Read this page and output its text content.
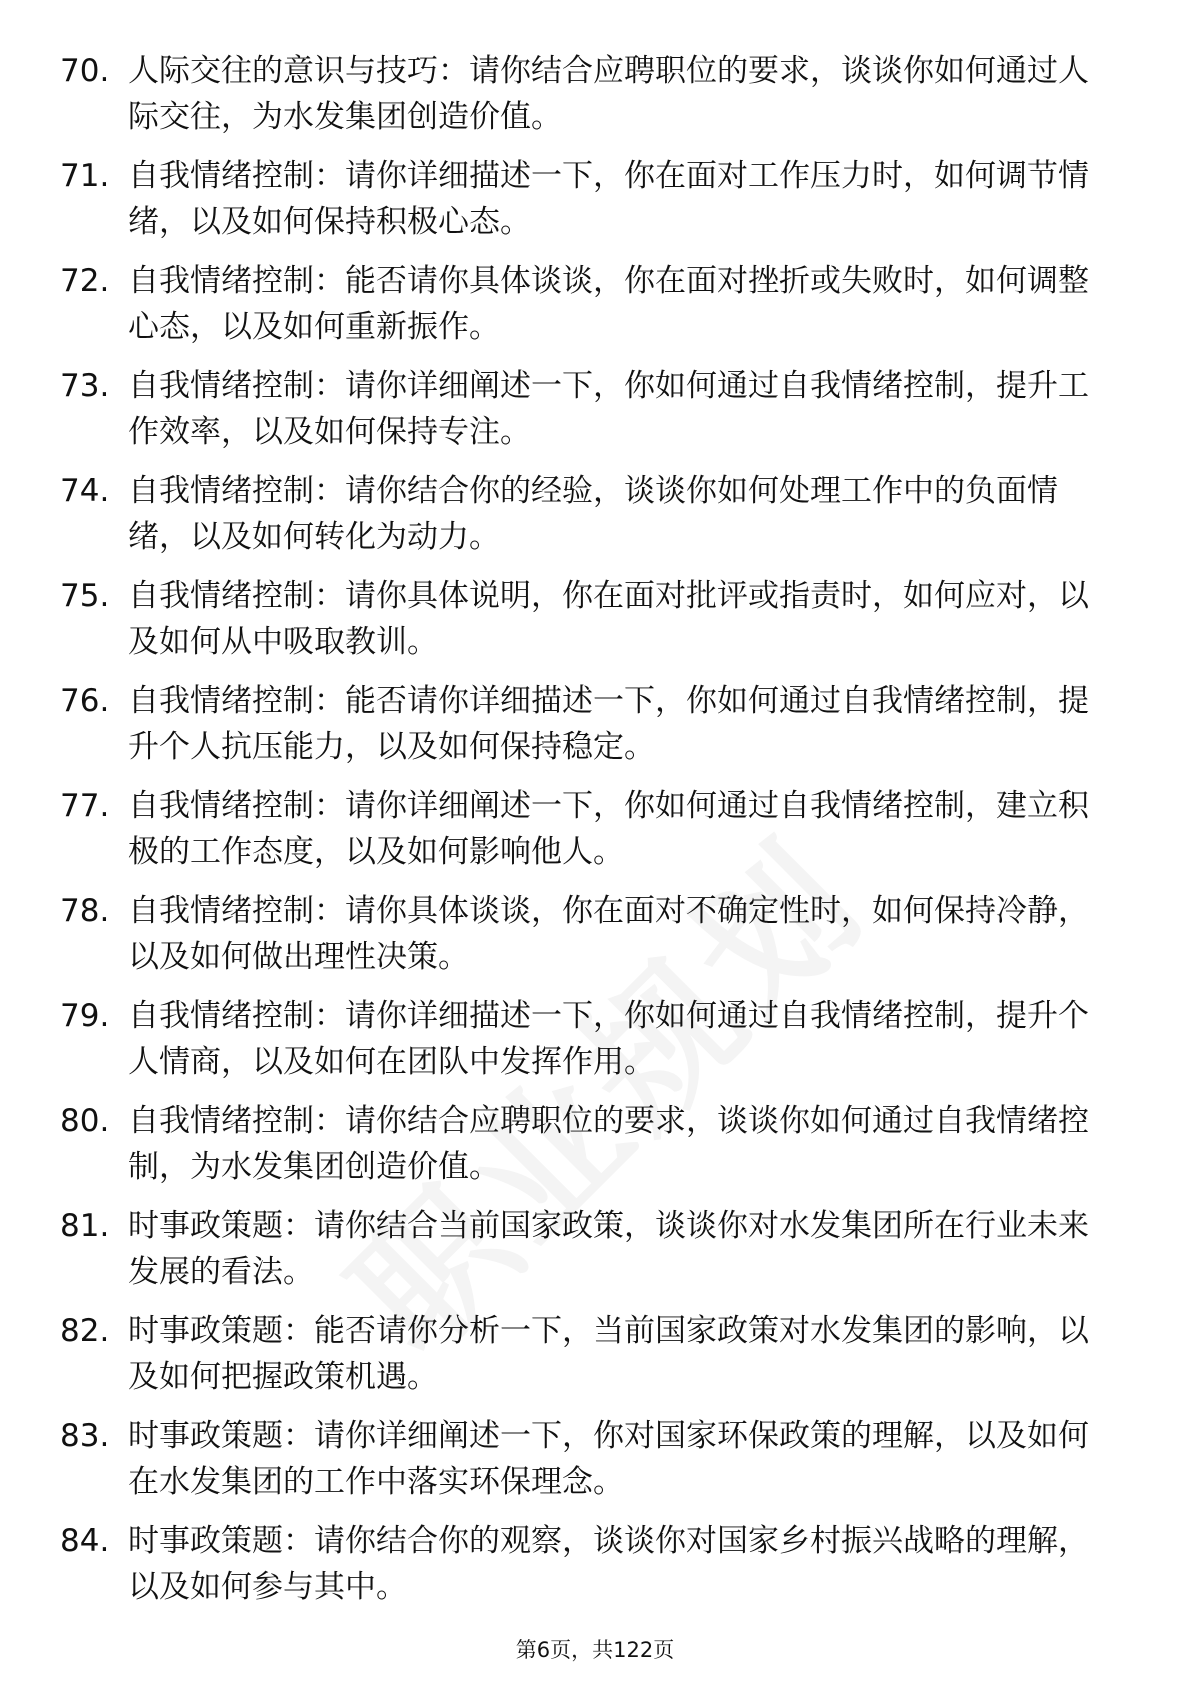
70. 人际交往的意识与技巧：请你结合应聘职位的要求，谈谈你如何通过人际交往，为水发集团创造价值。
71. 自我情绪控制：请你详细描述一下，你在面对工作压力时，如何调节情绪，以及如何保持积极心态。
72. 自我情绪控制：能否请你具体谈谈，你在面对挫折或失败时，如何调整心态，以及如何重新振作。
73. 自我情绪控制：请你详细阐述一下，你如何通过自我情绪控制，提升工作效率，以及如何保持专注。
74. 自我情绪控制：请你结合你的经验，谈谈你如何处理工作中的负面情绪，以及如何转化为动力。
75. 自我情绪控制：请你具体说明，你在面对批评或指责时，如何应对，以及如何从中吸取教训。
76. 自我情绪控制：能否请你详细描述一下，你如何通过自我情绪控制，提升个人抗压能力，以及如何保持稳定。
77. 自我情绪控制：请你详细阐述一下，你如何通过自我情绪控制，建立积极的工作态度，以及如何影响他人。
78. 自我情绪控制：请你具体谈谈，你在面对不确定性时，如何保持冷静，以及如何做出理性决策。
79. 自我情绪控制：请你详细描述一下，你如何通过自我情绪控制，提升个人情商，以及如何在团队中发挥作用。
80. 自我情绪控制：请你结合应聘职位的要求，谈谈你如何通过自我情绪控制，为水发集团创造价值。
81. 时事政策题：请你结合当前国家政策，谈谈你对水发集团所在行业未来发展的看法。
82. 时事政策题：能否请你分析一下，当前国家政策对水发集团的影响，以及如何把握政策机遇。
83. 时事政策题：请你详细阐述一下，你对国家环保政策的理解，以及如何在水发集团的工作中落实环保理念。
84. 时事政策题：请你结合你的观察，谈谈你对国家乡村振兴战略的理解，以及如何参与其中。
第6页，共122页
